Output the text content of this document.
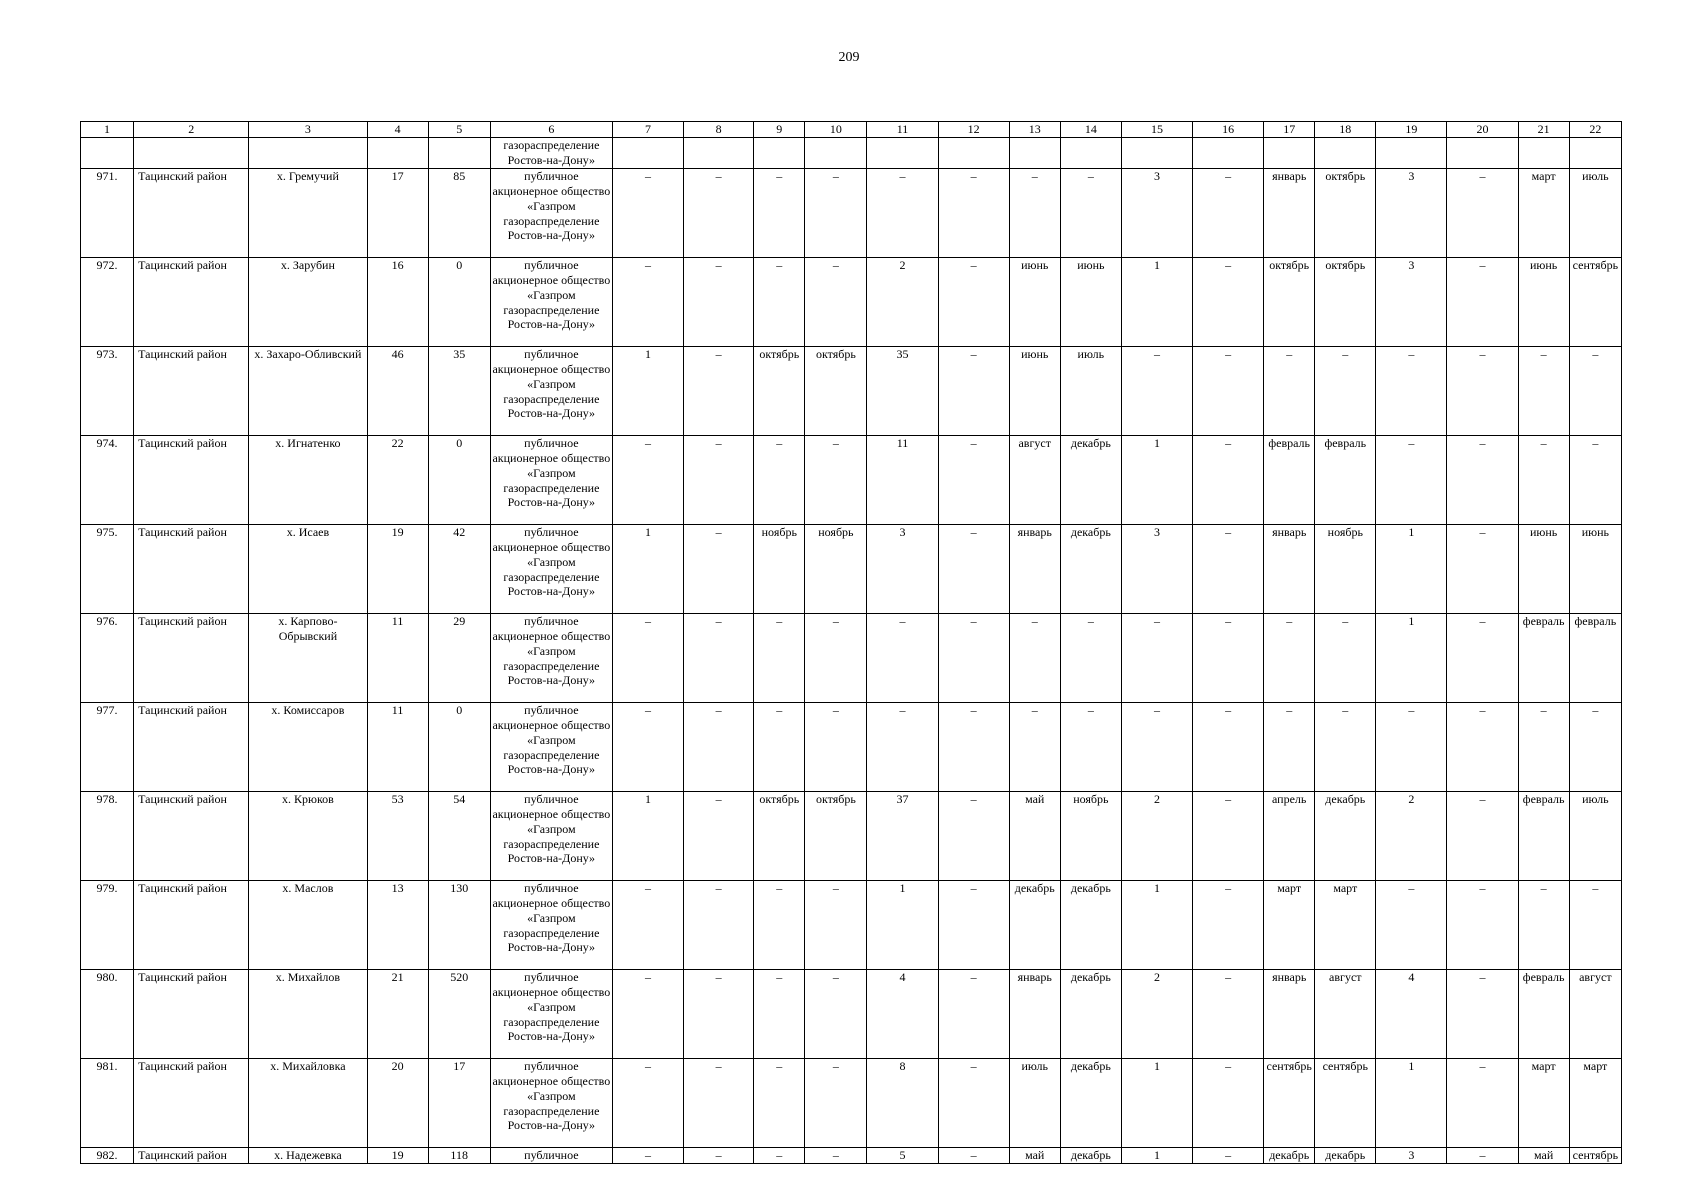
209
1	2	3	4	5	6	7	8	9	10	11	12	13	14	15	16	17	18	19	20	21	22
					газораспределение Ростов-на-Дону»																
971.	Тацинский район	х. Гремучий	17	85	публичное акционерное общество «Газпром газораспределение Ростов-на-Дону»	–	–	–	–	–	–	–	–	3	–	январь	октябрь	3	–	март	июль
972.	Тацинский район	х. Зарубин	16	0	публичное акционерное общество «Газпром газораспределение Ростов-на-Дону»	–	–	–	–	2	–	июнь	июнь	1	–	октябрь	октябрь	3	–	июнь	сентябрь
973.	Тацинский район	х. Захаро-Обливский	46	35	публичное акционерное общество «Газпром газораспределение Ростов-на-Дону»	1	–	октябрь	октябрь	35	–	июнь	июль	–	–	–	–	–	–	–	–
974.	Тацинский район	х. Игнатенко	22	0	публичное акционерное общество «Газпром газораспределение Ростов-на-Дону»	–	–	–	–	11	–	август	декабрь	1	–	февраль	февраль	–	–	–	–
975.	Тацинский район	х. Исаев	19	42	публичное акционерное общество «Газпром газораспределение Ростов-на-Дону»	1	–	ноябрь	ноябрь	3	–	январь	декабрь	3	–	январь	ноябрь	1	–	июнь	июнь
976.	Тацинский район	х. Карпово-Обрывский	11	29	публичное акционерное общество «Газпром газораспределение Ростов-на-Дону»	–	–	–	–	–	–	–	–	–	–	–	–	1	–	февраль	февраль
977.	Тацинский район	х. Комиссаров	11	0	публичное акционерное общество «Газпром газораспределение Ростов-на-Дону»	–	–	–	–	–	–	–	–	–	–	–	–	–	–	–	–
978.	Тацинский район	х. Крюков	53	54	публичное акционерное общество «Газпром газораспределение Ростов-на-Дону»	1	–	октябрь	октябрь	37	–	май	ноябрь	2	–	апрель	декабрь	2	–	февраль	июль
979.	Тацинский район	х. Маслов	13	130	публичное акционерное общество «Газпром газораспределение Ростов-на-Дону»	–	–	–	–	1	–	декабрь	декабрь	1	–	март	март	–	–	–	–
980.	Тацинский район	х. Михайлов	21	520	публичное акционерное общество «Газпром газораспределение Ростов-на-Дону»	–	–	–	–	4	–	январь	декабрь	2	–	январь	август	4	–	февраль	август
981.	Тацинский район	х. Михайловка	20	17	публичное акционерное общество «Газпром газораспределение Ростов-на-Дону»	–	–	–	–	8	–	июль	декабрь	1	–	сентябрь	сентябрь	1	–	март	март
982.	Тацинский район	х. Надежевка	19	118	публичное	–	–	–	–	5	–	май	декабрь	1	–	декабрь	декабрь	3	–	май	сентябрь
